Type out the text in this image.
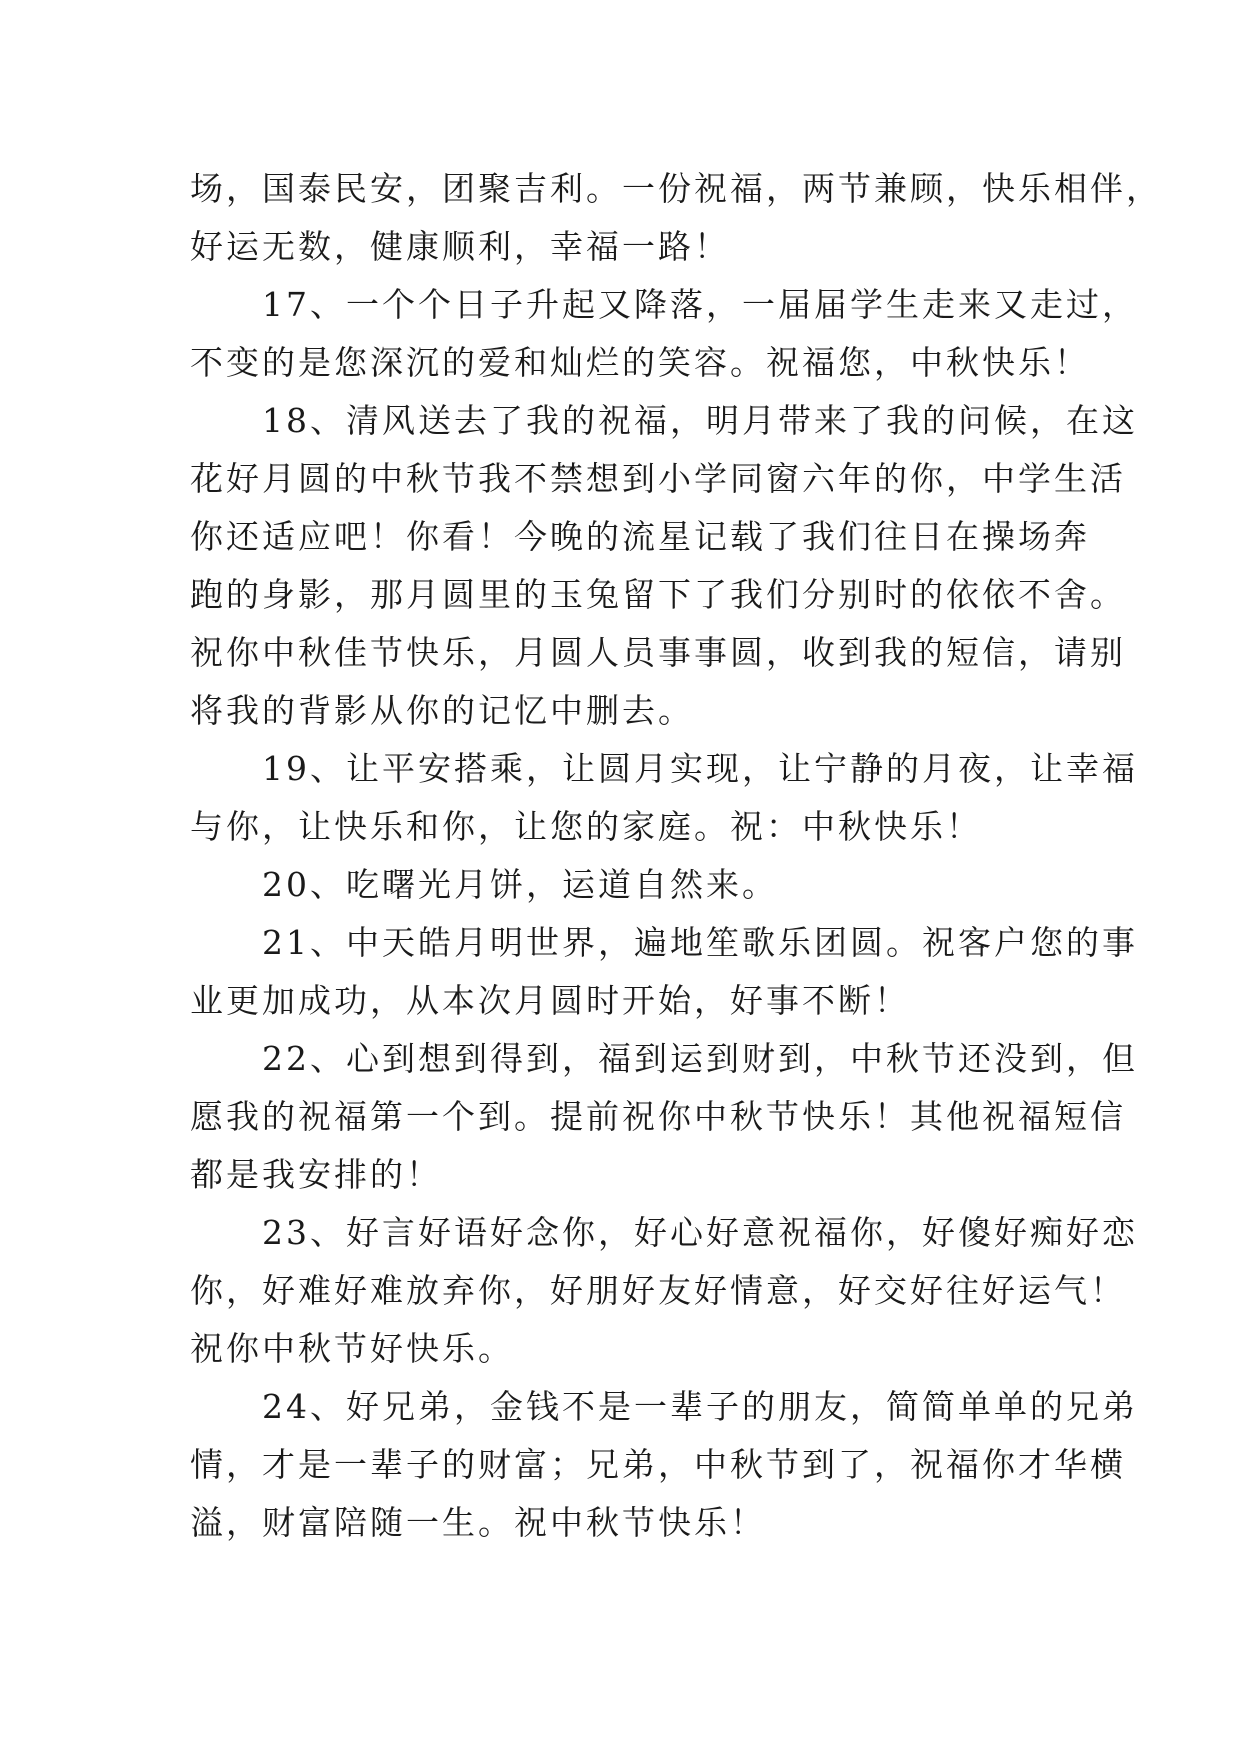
场，国泰民安，团聚吉利。一份祝福，两节兼顾，快乐相伴，
好运无数，健康顺利，幸福一路！
　　17、一个个日子升起又降落，一届届学生走来又走过，
不变的是您深沉的爱和灿烂的笑容。祝福您，中秋快乐！
　　18、清风送去了我的祝福，明月带来了我的问候，在这
花好月圆的中秋节我不禁想到小学同窗六年的你，中学生活
你还适应吧！你看！今晚的流星记载了我们往日在操场奔
跑的身影，那月圆里的玉兔留下了我们分别时的依依不舍。
祝你中秋佳节快乐，月圆人员事事圆，收到我的短信，请别
将我的背影从你的记忆中删去。
　　19、让平安搭乘，让圆月实现，让宁静的月夜，让幸福
与你，让快乐和你，让您的家庭。祝：中秋快乐！
　　20、吃曙光月饼，运道自然来。
　　21、中天皓月明世界，遍地笙歌乐团圆。祝客户您的事
业更加成功，从本次月圆时开始，好事不断！
　　22、心到想到得到，福到运到财到，中秋节还没到，但
愿我的祝福第一个到。提前祝你中秋节快乐！其他祝福短信
都是我安排的！
　　23、好言好语好念你，好心好意祝福你，好傻好痴好恋
你，好难好难放弃你，好朋好友好情意，好交好往好运气！
祝你中秋节好快乐。
　　24、好兄弟，金钱不是一辈子的朋友，简简单单的兄弟
情，才是一辈子的财富；兄弟，中秋节到了，祝福你才华横
溢，财富陪随一生。祝中秋节快乐！
